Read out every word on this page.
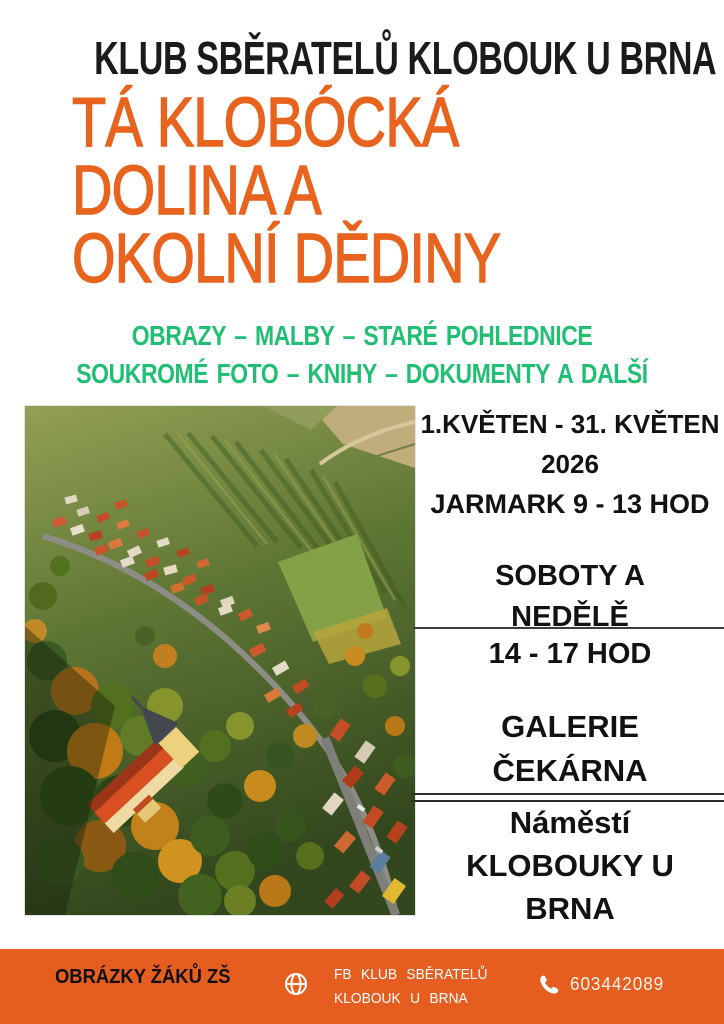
KLUB SBĚRATELŮ KLOBOUK U BRNA
TÁ KLOBÓCKÁ
DOLINA A
OKOLNÍ DĚDINY
OBRAZY – MALBY – STARÉ POHLEDNICE
SOUKROMÉ FOTO – KNIHY – DOKUMENTY A DALŠÍ
1.KVĚTEN - 31. KVĚTEN
2026
JARMARK 9 - 13 HOD
SOBOTY A
NEDĚLĚ
14 - 17 HOD
GALERIE
ČEKÁRNA
Náměstí
KLOBOUKY U
BRNA
OBRÁZKY ŽÁKŮ ZŠ	FB KLUB SBĚRATELŮ
KLOBOUK U BRNA
603442089
